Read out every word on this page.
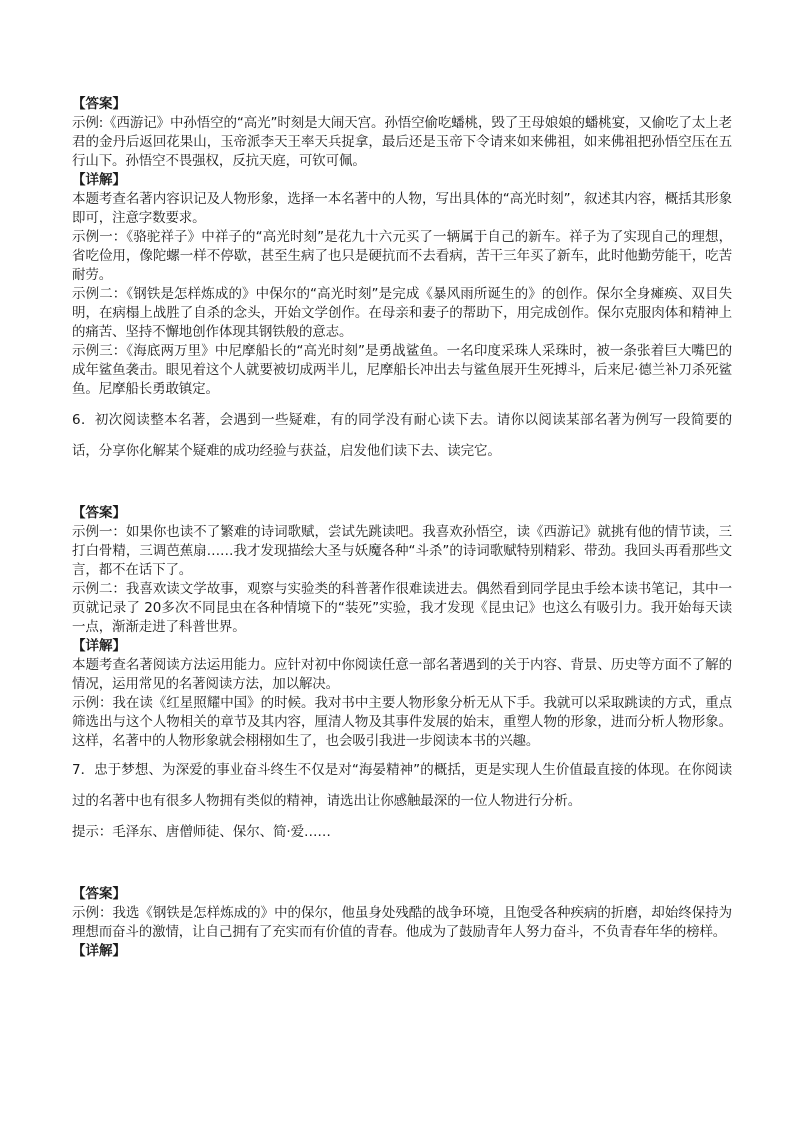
【答案】

示例:《西游记》中孙悟空的“高光”时刻是大闹天宫。孙悟空偷吃蟠桃，毁了王母娘娘的蟠桃宴，又偷吃了太上老君的金丹后返回花果山，玉帝派李天王率天兵捉拿，最后还是玉帝下令请来如来佛祖，如来佛祖把孙悟空压在五行山下。孙悟空不畏强权，反抗天庭，可钦可佩。

【详解】

本题考查名著内容识记及人物形象，选择一本名著中的人物，写出具体的“高光时刻”，叙述其内容，概括其形象即可，注意字数要求。

示例一：《骆驼祥子》中祥子的“高光时刻”是花九十六元买了一辆属于自己的新车。祥子为了实现自己的理想，省吃俭用，像陀螺一样不停歇，甚至生病了也只是硬抗而不去看病，苦干三年买了新车，此时他勤劳能干，吃苦耐劳。

示例二：《钢铁是怎样炼成的》中保尔的“高光时刻”是完成《暴风雨所诞生的》的创作。保尔全身瘫痪、双目失明，在病榻上战胜了自杀的念头，开始文学创作。在母亲和妻子的帮助下，用完成创作。保尔克服肉体和精神上的痛苦、坚持不懈地创作体现其钢铁般的意志。

示例三：《海底两万里》中尼摩船长的“高光时刻”是勇战鲨鱼。一名印度采珠人采珠时，被一条张着巨大嘴巴的成年鲨鱼袭击。眼见着这个人就要被切成两半儿，尼摩船长冲出去与鲨鱼展开生死搏斗，后来尼·德兰补刀杀死鲨鱼。尼摩船长勇敢镇定。

6．初次阅读整本名著，会遇到一些疑难，有的同学没有耐心读下去。请你以阅读某部名著为例写一段简要的话，分享你化解某个疑难的成功经验与获益，启发他们读下去、读完它。

【答案】

示例一：如果你也读不了繁难的诗词歌赋，尝试先跳读吧。我喜欢孙悟空，读《西游记》就挑有他的情节读，三打白骨精，三调芭蕉扇……我才发现描绘大圣与妖魔各种“斗杀”的诗词歌赋特别精彩、带劲。我回头再看那些文言，都不在话下了。

示例二：我喜欢读文学故事，观察与实验类的科普著作很难读进去。偶然看到同学昆虫手绘本读书笔记，其中一页就记录了 20多次不同昆虫在各种情境下的“装死”实验，我才发现《昆虫记》也这么有吸引力。我开始每天读一点，渐渐走进了科普世界。

【详解】

本题考查名著阅读方法运用能力。应针对初中你阅读任意一部名著遇到的关于内容、背景、历史等方面不了解的情况，运用常见的名著阅读方法，加以解决。

示例：我在读《红星照耀中国》的时候。我对书中主要人物形象分析无从下手。我就可以采取跳读的方式，重点筛选出与这个人物相关的章节及其内容，厘清人物及其事件发展的始末，重塑人物的形象，进而分析人物形象。这样，名著中的人物形象就会栩栩如生了，也会吸引我进一步阅读本书的兴趣。

7．忠于梦想、为深爱的事业奋斗终生不仅是对“海晏精神”的概括，更是实现人生价值最直接的体现。在你阅读过的名著中也有很多人物拥有类似的精神，请选出让你感触最深的一位人物进行分析。

提示：毛泽东、唐僧师徒、保尔、简·爱……

【答案】

示例：我选《钢铁是怎样炼成的》中的保尔，他虽身处残酷的战争环境，且饱受各种疾病的折磨，却始终保持为理想而奋斗的激情，让自己拥有了充实而有价值的青春。他成为了鼓励青年人努力奋斗，不负青春年华的榜样。

【详解】
